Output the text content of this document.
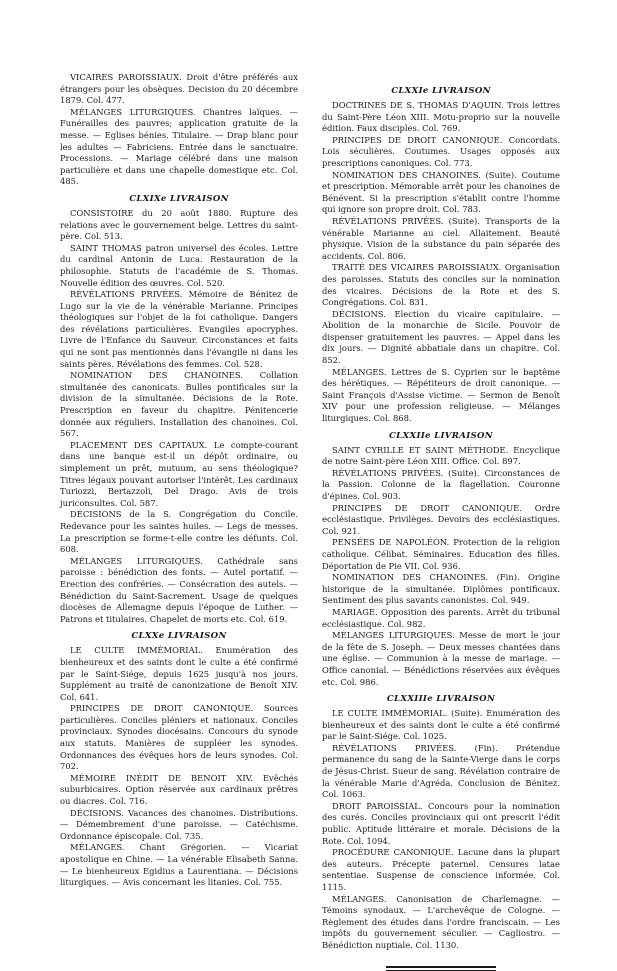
VICAIRES PAROISSIAUX. Droit d'être préférés aux étrangers pour les obsèques. Decision du 20 décembre 1879. Col. 477.

MÉLANGES LITURGIQUES. Chantres laïques. — Funérailles des pauvres; application gratuite de la messe. — Eglises bénies. Titulaire. — Drap blanc pour les adultes — Fabriciens. Entrée dans le sanctuaire. Processions. — Mariage célébré dans une maison particulière et dans une chapelle domestique etc. Col. 485.

CLXIXe LIVRAISON

CONSISTOIRE du 20 août 1880. Rupture des relations avec le gouvernement belge. Lettres du saint-père. Col. 513.

SAINT THOMAS patron universel des écoles. Lettre du cardinal Antonin de Luca. Restauration de la philosophie. Statuts de l'académie de S. Thomas. Nouvelle édition des œuvres. Col. 520.

RÉVÉLATIONS PRIVÉES. Mémoire de Bénitez de Lugo sur la vie de la vénérable Marianne. Principes théologiques sur l'objet de la foi catholique. Dangers des révélations particulières. Evangiles apocryphes. Livre de l'Enfance du Sauveur. Circonstances et faits qui ne sont pas mentionnés dans l'évangile ni dans les saints pères. Révélations des femmes. Col. 528.

NOMINATION DES CHANOINES. Collation simultanée des canonicats. Bulles pontificales sur la division de la simultanée. Décisions de la Rote. Prescription en faveur du chapitre. Pénitencerie donnée aux réguliers. Installation des chanoines. Col. 567.

PLACEMENT DES CAPITAUX. Le compte-courant dans une banque est-il un dépôt ordinaire, ou simplement un prêt, mutuum, au sens théologique? Titres légaux pouvant autoriser l'intérêt. Les cardinaux Turiozzi, Bertazzoli, Del Drago. Avis de trois juriconsultes. Col. 587.

DÉCISIONS de la S. Congrégation du Concile. Redevance pour les saintes huiles. — Legs de messes. La prescription se forme-t-elle contre les défunts. Col. 608.

MÉLANGES LITURGIQUES. Cathédrale sans paroisse : bénédiction des fonts. — Autel portatif. — Erection des confréries. — Consécration des autels. — Bénédiction du Saint-Sacrement. Usage de quelques diocèses de Allemagne depuis l'époque de Luther. — Patrons et titulaires. Chapelet de morts etc. Col. 619.

CLXXe LIVRAISON

LE CULTE IMMÉMORIAL. Enumération des bienheureux et des saints dont le culte a été confirmé par le Saint-Siége, depuis 1625 jusqu'à nos jours. Supplément au traité de canonizatione de Benoît XIV. Col. 641.

PRINCIPES DE DROIT CANONIQUE. Sources particulières. Conciles pléniers et nationaux. Conciles provinciaux. Synodes diocésains. Concours du synode aux statuts. Manières de suppléer les synodes. Ordonnances des évêques hors de leurs synodes. Col. 702.

MÉMOIRE INÉDIT DE BENOIT XIV. Evêchés suburbicaires. Option réservée aux cardinaux prêtres ou diacres. Col. 716.

DÉCISIONS. Vacances des chanoines. Distributions. — Démembrement d'une paroisse. — Catéchisme. Ordonnance épiscopale. Col. 735.

MÉLANGES. Chant Grégorien. — Vicariat apostolique en Chine. — La vénérable Elisabeth Sanna. — Le bienheureux Egidius a Laurentiana. — Décisions liturgiques. — Avis concernant les litanies. Col. 755.

CLXXIe LIVRAISON

DOCTRINES DE S. THOMAS D'AQUIN. Trois lettres du Saint-Père Léon XIII. Motu-proprio sur la nouvelle édition. Faux disciples. Col. 769.

PRINCIPES DE DROIT CANONIQUE. Concordats. Lois séculières. Coutumes. Usages opposés aux prescriptions canoniques. Col. 773.

NOMINATION DES CHANOINES. (Suite). Coutume et prescription. Mémorable arrêt pour les chanoines de Bénévent. Si la prescription s'établit contre l'homme qui ignore son propre droit. Col. 783.

RÉVÉLATIONS PRIVÉES. (Suite). Transports de la vénérable Marianne au ciel. Allaitement. Beauté physique. Vision de la substance du pain séparée des accidents. Col. 806.

TRAITÉ DES VICAIRES PAROISSIAUX. Organisation des paroisses. Statuts des conciles sur la nomination des vicaires. Décisions de la Rote et des S. Congrégations. Col. 831.

DÉCISIONS. Election du vicaire capitulaire. — Abolition de la monarchie de Sicile. Pouvoir de dispenser gratuitement les pauvres. — Appel dans les dix jours. — Dignité abbatiale dans un chapitre. Col. 852.

MÉLANGES. Lettres de S. Cyprien sur le baptême des hérétiques. — Répétiteurs de droit canonique. — Saint François d'Assise victime. — Sermon de Benoît XIV pour une profession religieuse. — Mélanges liturgiques. Col. 868.

CLXXIIe LIVRAISON

SAINT CYRILLE ET SAINT MÉTHODE. Encyclique de notre Saint-père Léon XIII. Office. Col. 897.

RÉVÉLATIONS PRIVÉES. (Suite). Circonstances de la Passion. Colonne de la flagellation. Couronne d'épines. Col. 903.

PRINCIPES DE DROIT CANONIQUE. Ordre ecclésiastique. Privilèges. Devoirs des ecclésiastiques. Col. 921.

PENSÉES DE NAPOLÉON. Protection de la religion catholique. Célibat. Séminaires. Education des filles. Déportation de Pie VII. Col. 936.

NOMINATION DES CHANOINES. (Fin). Origine historique de la simultanée. Diplômes pontificaux. Sentiment des plus savants canonistes. Col. 949.

MARIAGE. Opposition des parents. Arrêt du tribunal ecclésiastique. Col. 982.

MÉLANGES LITURGIQUES. Messe de mort le jour de la fête de S. Joseph. — Deux messes chantées dans une église. — Communion à la messe de mariage. — Office canonial. — Bénédictions réservées aux évêques etc. Col. 986.

CLXXIIIe LIVRAISON

LE CULTE IMMÉMORIAL. (Suite). Enumération des bienheureux et des saints dont le culte a été confirmé par le Saint-Siége. Col. 1025.

RÉVÉLATIONS PRIVÉES. (Fin). Prétendue permanence du sang de la Sainte-Vierge dans le corps de Jésus-Christ. Sueur de sang. Révélation contraire de la vénérable Marie d'Agréda. Conclusion de Bénitez. Col. 1063.

DROIT PAROISSIAL. Concours pour la nomination des curés. Conciles provinciaux qui ont prescrit l'édit public. Aptitude littéraire et morale. Décisions de la Rote. Col. 1094.

PROCÉDURE CANONIQUE. Lacune dans la plupart des auteurs. Précepte paternel. Censures latae sententiae. Suspense de conscience informée. Col. 1115.

MÉLANGES. Canonisation de Charlemagne. — Témoins synodaux. — L'archevêque de Cologne. — Règlement des études dans l'ordre franciscain. — Les impôts du gouvernement séculier. — Cagliostro. — Bénédiction nuptiale. Col. 1130.
